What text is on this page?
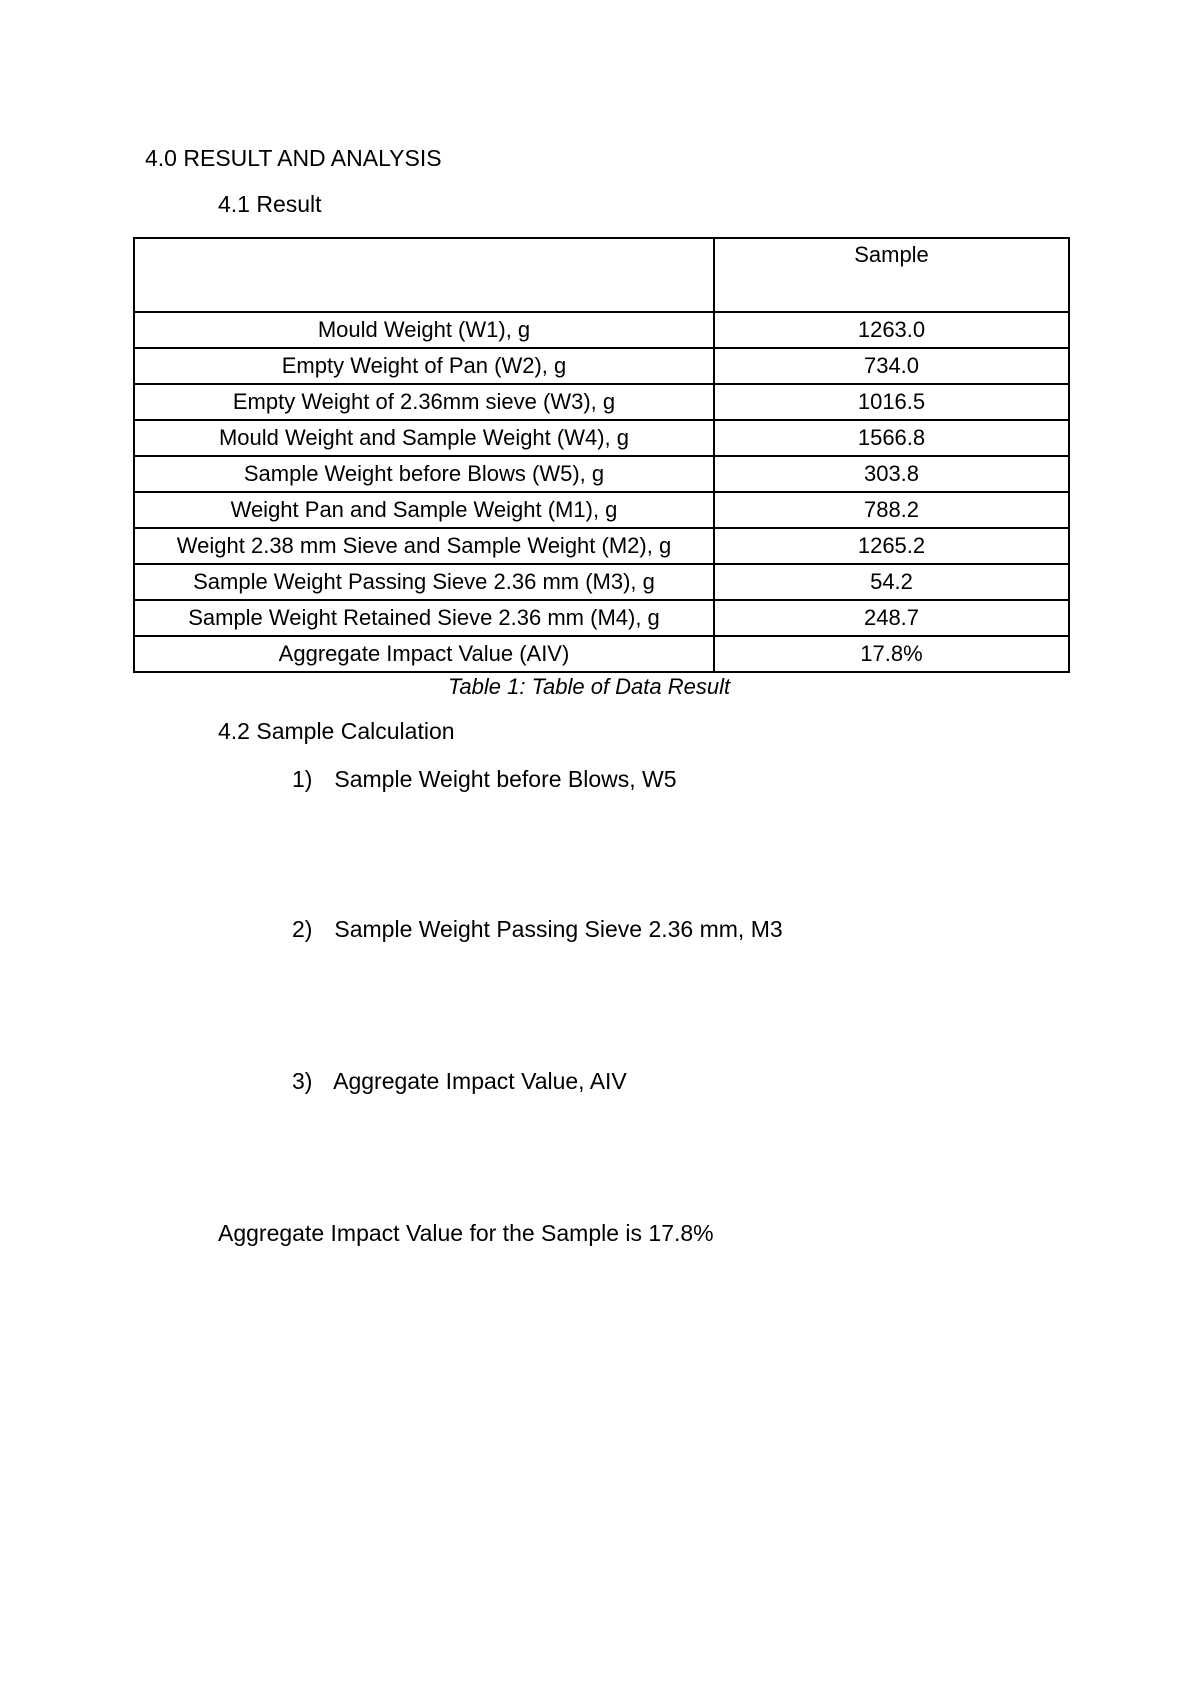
4.0 RESULT AND ANALYSIS
4.1 Result
	Sample
Mould Weight (W1), g	1263.0
Empty Weight of Pan (W2), g	734.0
Empty Weight of 2.36mm sieve (W3), g	1016.5
Mould Weight and Sample Weight (W4), g	1566.8
Sample Weight before Blows (W5), g	303.8
Weight Pan and Sample Weight (M1), g	788.2
Weight 2.38 mm Sieve and Sample Weight (M2), g	1265.2
Sample Weight Passing Sieve 2.36 mm (M3), g	54.2
Sample Weight Retained Sieve 2.36 mm (M4), g	248.7
Aggregate Impact Value (AIV)	17.8%
Table 1: Table of Data Result
4.2 Sample Calculation
1) Sample Weight before Blows, W5
2) Sample Weight Passing Sieve 2.36 mm, M3
3) Aggregate Impact Value, AIV
Aggregate Impact Value for the Sample is 17.8%
